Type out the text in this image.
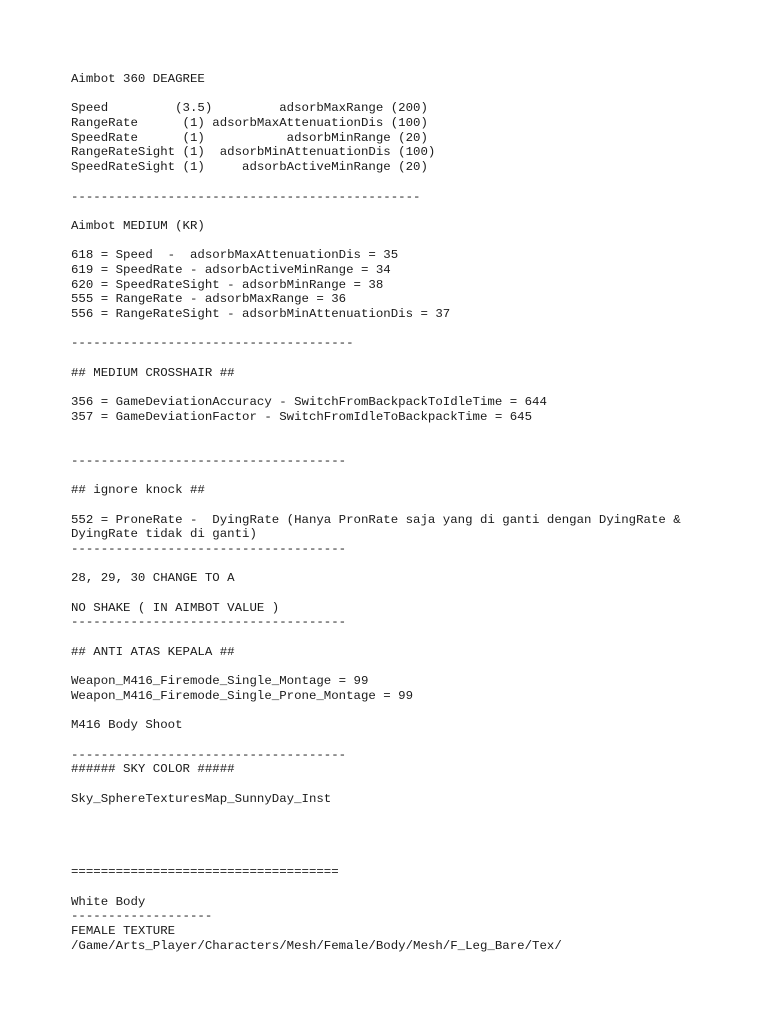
Aimbot 360 DEAGREE
Speed         (3.5)         adsorbMaxRange (200)
RangeRate      (1) adsorbMaxAttenuationDis (100)
SpeedRate      (1)           adsorbMinRange (20)
RangeRateSight (1)  adsorbMinAttenuationDis (100)
SpeedRateSight (1)     adsorbActiveMinRange (20)
-----------------------------------------------
Aimbot MEDIUM (KR)
618 = Speed  -  adsorbMaxAttenuationDis = 35
619 = SpeedRate - adsorbActiveMinRange = 34
620 = SpeedRateSight - adsorbMinRange = 38
555 = RangeRate - adsorbMaxRange = 36
556 = RangeRateSight - adsorbMinAttenuationDis = 37
--------------------------------------
## MEDIUM CROSSHAIR ##
356 = GameDeviationAccuracy - SwitchFromBackpackToIdleTime = 644
357 = GameDeviationFactor - SwitchFromIdleToBackpackTime = 645
-------------------------------------
## ignore knock ##
552 = ProneRate -  DyingRate (Hanya PronRate saja yang di ganti dengan DyingRate &
DyingRate tidak di ganti)
-------------------------------------
28, 29, 30 CHANGE TO A
NO SHAKE ( IN AIMBOT VALUE )
-------------------------------------
## ANTI ATAS KEPALA ##
Weapon_M416_Firemode_Single_Montage = 99
Weapon_M416_Firemode_Single_Prone_Montage = 99
M416 Body Shoot
-------------------------------------
###### SKY COLOR #####
Sky_SphereTexturesMap_SunnyDay_Inst
====================================
White Body
-------------------
FEMALE TEXTURE
/Game/Arts_Player/Characters/Mesh/Female/Body/Mesh/F_Leg_Bare/Tex/
